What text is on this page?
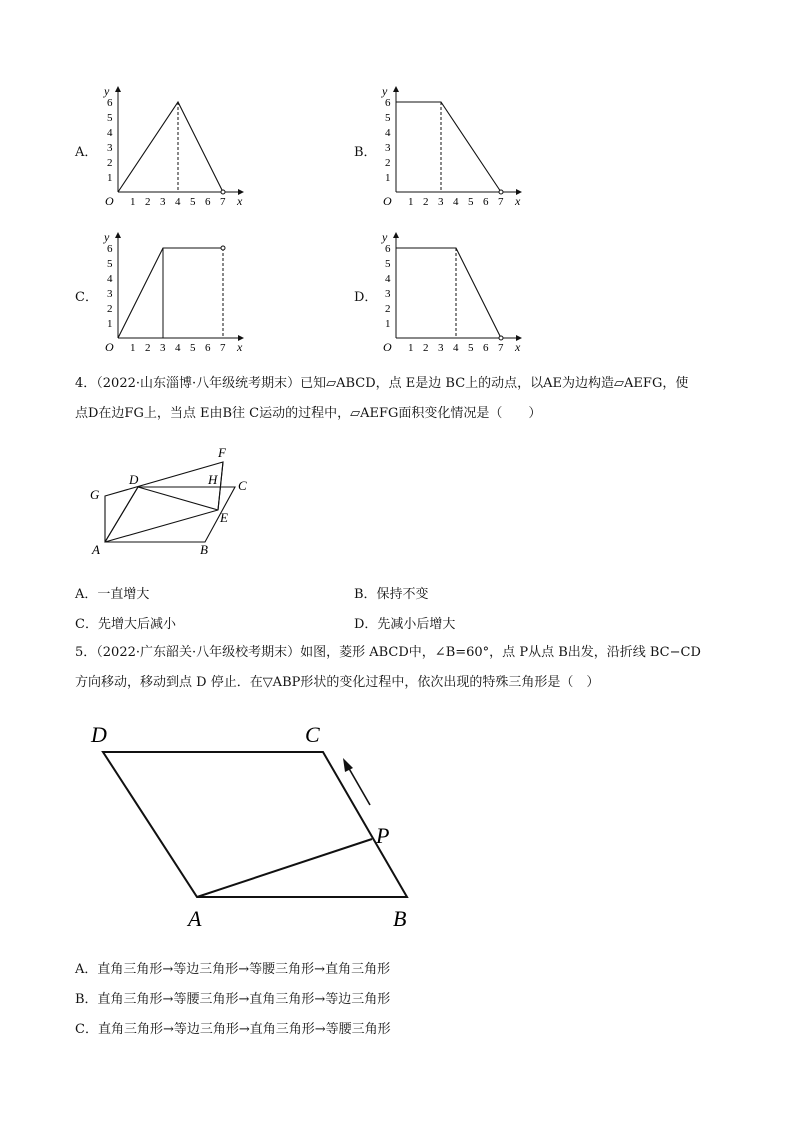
A．
1 2 3 4 5 6 7
1
2
3
4
5
6
O	x
y
B．
1 2 3 4 5 6 7
1
2
3
4
5
6
O	x
y
C．
1 2 3 4 5 6 7
1
2
3
4
5
6
O	x
y
D．
1 2 3 4 5 6 7
1
2
3
4
5
6
O	x
y
4．（2022·山东淄博·八年级统考期末）已知▱ABCD，点 E是边 BC上的动点，以AE为边构造▱AEFG，使
点D在边FG上，当点 E由B往 C运动的过程中，▱AEFG面积变化情况是（　　）
F
D	H C
G
E
A	B
A．一直增大	B．保持不变
C．先增大后减小	D．先减小后增大
5．（2022·广东韶关·八年级校考期末）如图，菱形 ABCD中，∠B=60°，点 P从点 B出发，沿折线 BC−CD
方向移动，移动到点 D 停止．在▽ABP形状的变化过程中，依次出现的特殊三角形是（　）
D	C
P
A	B
A．直角三角形→等边三角形→等腰三角形→直角三角形
B．直角三角形→等腰三角形→直角三角形→等边三角形
C．直角三角形→等边三角形→直角三角形→等腰三角形
